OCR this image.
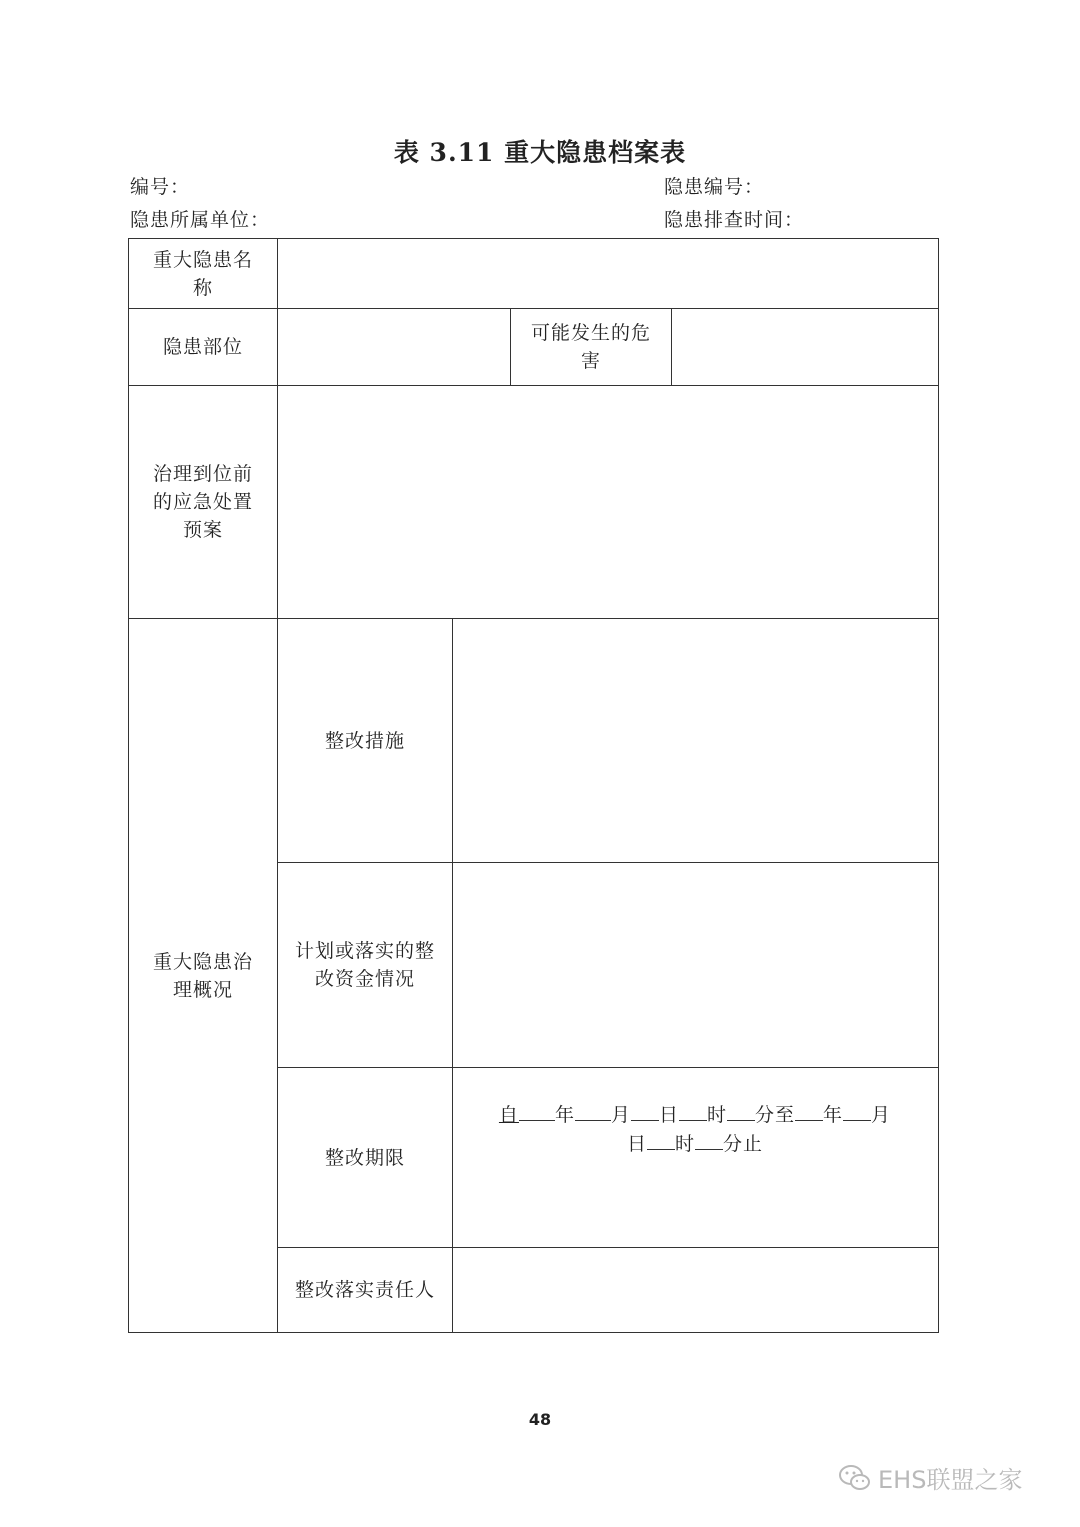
表 3.11 重大隐患档案表
编号：	隐患编号：
隐患所属单位：	隐患排查时间：
重大隐患名称
隐患部位
可能发生的危害
治理到位前的应急处置预案
重大隐患治理概况
整改措施
计划或落实的整改资金情况
整改期限
自 年 月 日 时 分至 年 月
日 时 分止
整改落实责任人
48
EHS联盟之家
